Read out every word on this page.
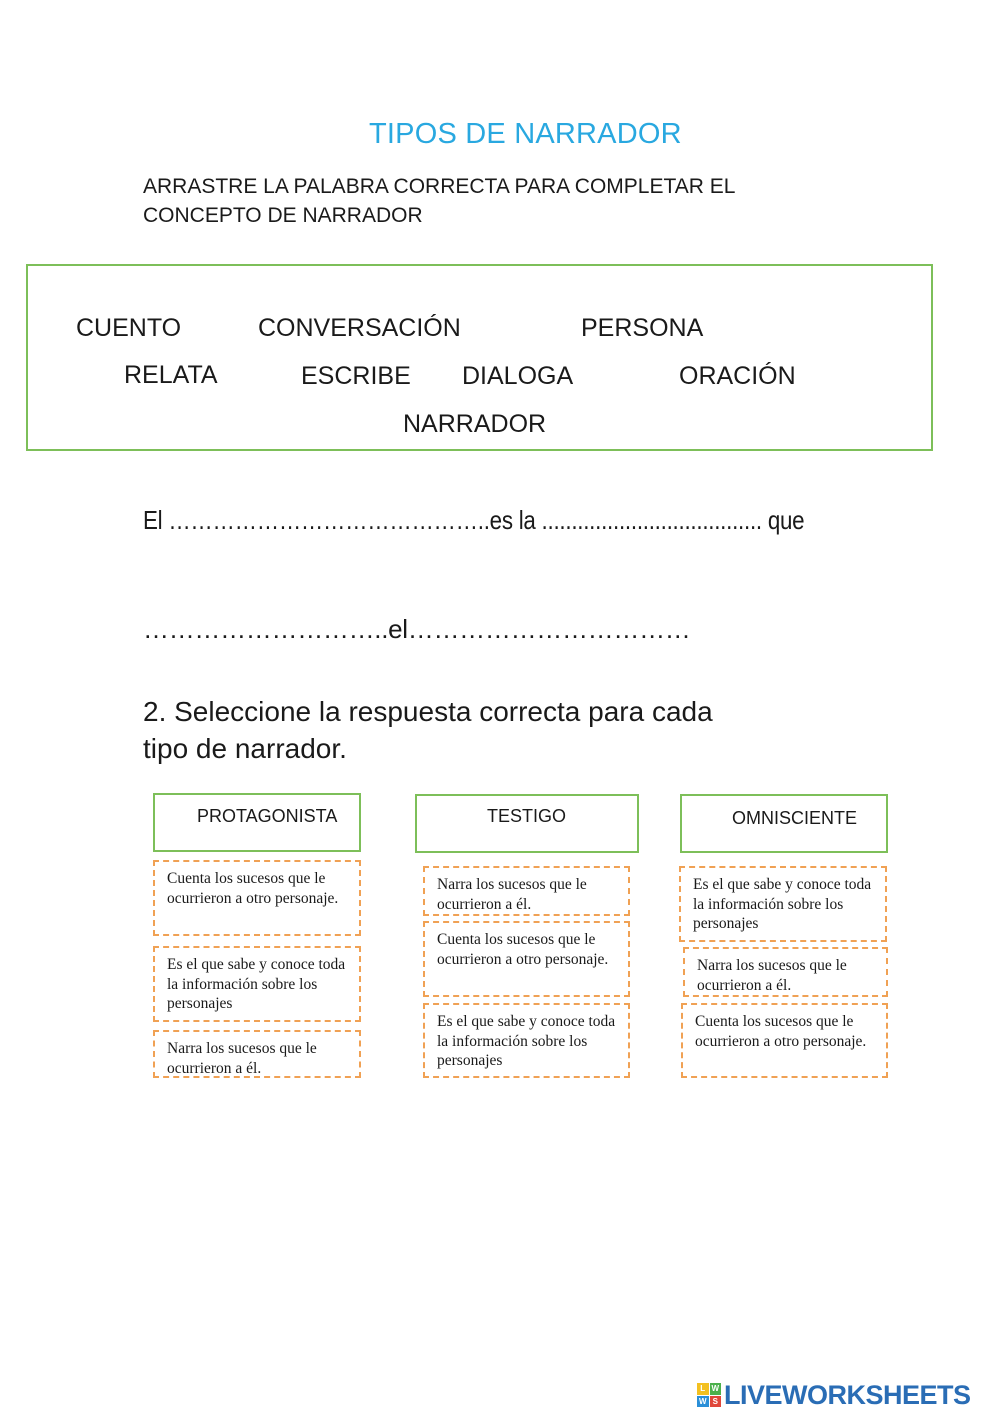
TIPOS DE NARRADOR
ARRASTRE LA PALABRA CORRECTA PARA COMPLETAR EL
CONCEPTO DE NARRADOR
CUENTO	CONVERSACIÓN	PERSONA
RELATA	ESCRIBE DIALOGA	ORACIÓN
NARRADOR
El ……………………………………..es la ..................................... que
………………………..el……………………………
2. Seleccione la respuesta correcta para cada
tipo de narrador.
PROTAGONISTA
Cuenta los sucesos que le ocurrieron a otro personaje.
Es el que sabe y conoce toda la información sobre los personajes
Narra los sucesos que le ocurrieron a él.
TESTIGO
Narra los sucesos que le ocurrieron a él.
Cuenta los sucesos que le ocurrieron a otro personaje.
Es el que sabe y conoce toda la información sobre los personajes
OMNISCIENTE
Es el que sabe y conoce toda la información sobre los personajes
Narra los sucesos que le ocurrieron a él.
Cuenta los sucesos que le ocurrieron a otro personaje.
L W
W S LIVEWORKSHEETS
